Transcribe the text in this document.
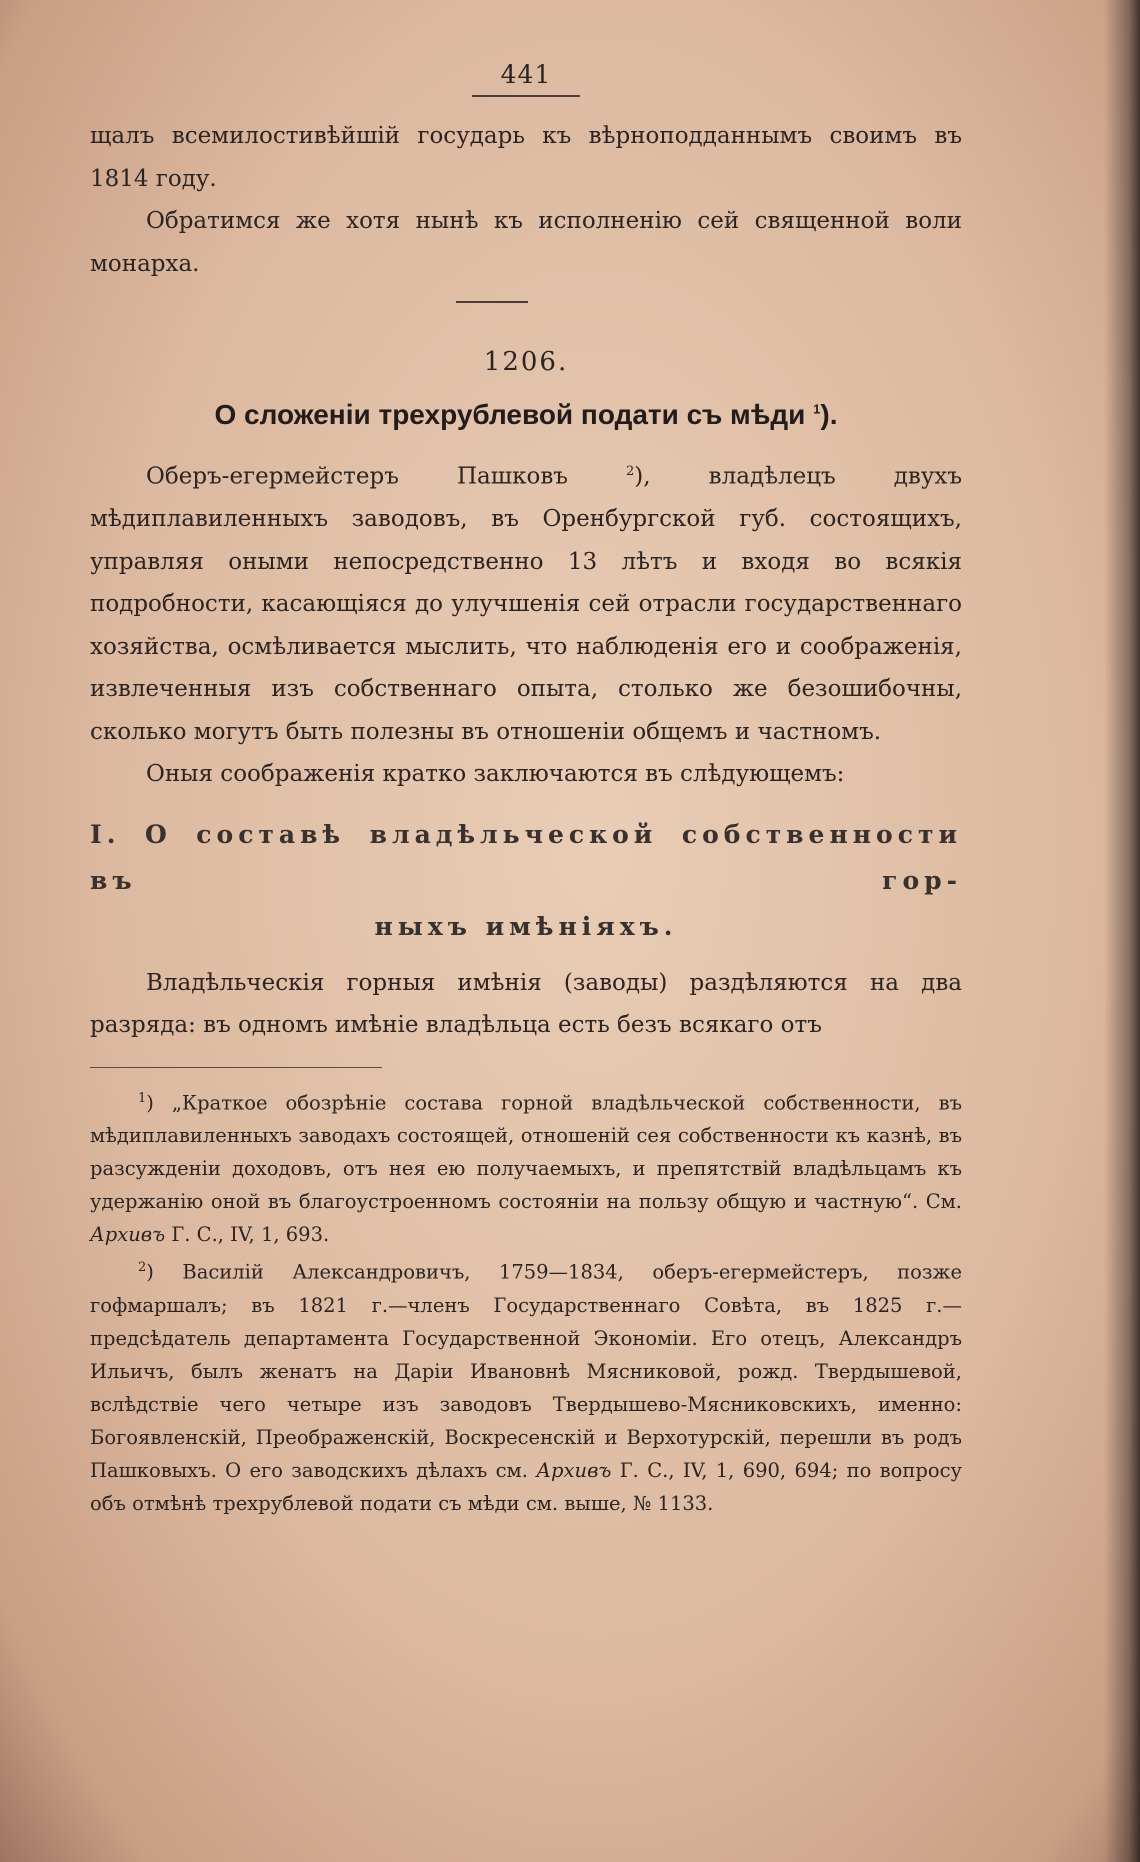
441

щалъ всемилостивѣйшій государь къ вѣрноподданнымъ своимъ въ 1814 году.

Обратимся же хотя нынѣ къ исполненію сей священной воли монарха.

1206.
О сложеніи трехрублевой подати съ мѣди $^1$).

Оберъ-егермейстеръ Пашковъ	$^2$), владѣлецъ двухъ мѣдиплавиленныхъ заводовъ, въ Оренбургской губ. состоящихъ, управляя оными непосредственно 13 лѣтъ и входя во всякія подробности, касающіяся до улучшенія сей отрасли государственнаго хозяйства, осмѣливается мыслить, что наблюденія его и соображенія, извлеченныя изъ собственнаго опыта, столько же безошибочны, сколько могутъ быть полезны въ отношеніи общемъ и частномъ.

Оныя соображенія кратко заключаются въ слѣдующемъ:

I. О составѣ владѣльческой собственности въ гор-
ныхъ имѣніяхъ.

Владѣльческія горныя имѣнія (заводы) раздѣляются на два разряда: въ одномъ имѣніе владѣльца есть безъ всякаго отъ

$^1$) „Краткое обозрѣніе состава горной владѣльческой собственности, въ мѣдиплавиленныхъ заводахъ состоящей, отношеній сея собственности къ казнѣ, въ разсужденіи доходовъ, отъ нея ею получаемыхъ, и препятствій владѣльцамъ къ удержанію оной въ благоустроенномъ состояніи на пользу общую и частную“. См. Архивъ Г. С., IV, 1, 693.

$^2$) Василій Александровичъ, 1759—1834, оберъ-егермейстеръ, позже гофмаршалъ; въ 1821 г.—членъ Государственнаго Совѣта, въ 1825 г.—предсѣдатель департамента Государственной Экономіи. Его отецъ, Александръ Ильичъ, былъ женатъ на Даріи Ивановнѣ Мясниковой, рожд. Твердышевой, вслѣдствіе чего четыре изъ заводовъ Твердышево-Мясниковскихъ, именно: Богоявленскій, Преображенскій, Воскресенскій и Верхотурскій, перешли въ родъ Пашковыхъ. О его заводскихъ дѣлахъ см. Архивъ Г. С., IV, 1, 690, 694; по вопросу объ отмѣнѣ трехрублевой подати съ мѣди см. выше, № 1133.
